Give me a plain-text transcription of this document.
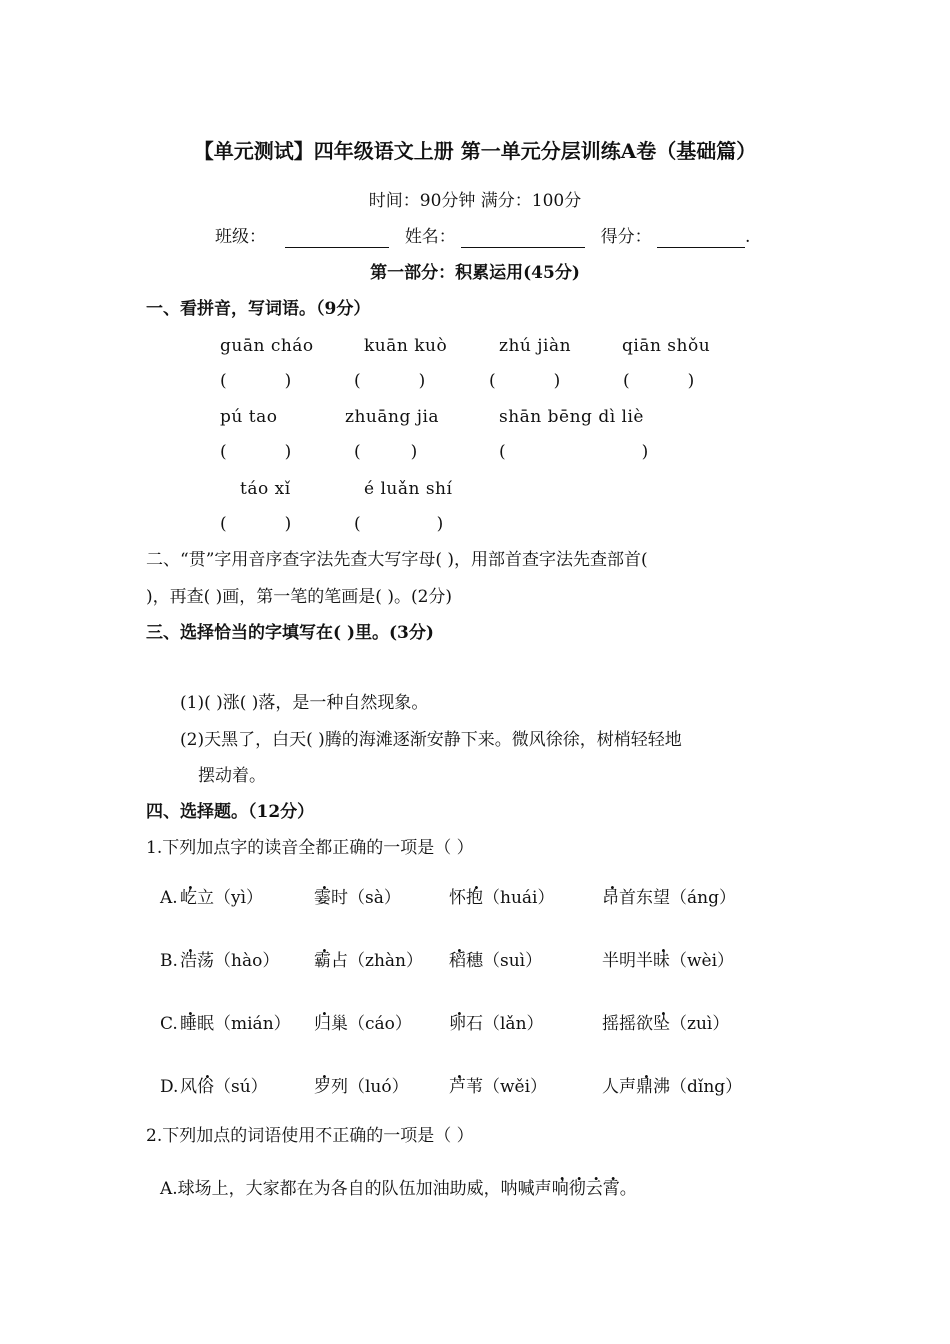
【单元测试】四年级语文上册 第一单元分层训练A卷（基础篇）
时间：90分钟 满分：100分
班级：	姓名：	得分：	.
第一部分：积累运用(45分)
一、看拼音，写词语。（9分）
guān cháo	kuān kuò	zhú jiàn	qiān shǒu
(	)	(	)	(	)	(	)
pú tao	zhuāng jia	shān bēng dì liè
(	)	(	)	(	)
táo xǐ	é luǎn shí
(	)	(	)
二、“贯”字用音序查字法先查大写字母( )，用部首查字法先查部首(
)，再查( )画，第一笔的笔画是( )。(2分)
三、选择恰当的字填写在( )里。(3分)
(1)( )涨( )落，是一种自然现象。
(2)天黑了，白天( )腾的海滩逐渐安静下来。微风徐徐，树梢轻轻地
摆动着。
四、选择题。（12分）
1.下列加点字的读音全都正确的一项是（ ）
A. 屹立（yì）	霎时（sà）	怀抱（huái）	昂首东望（áng）
B. 浩荡（hào） 霸占（zhàn） 稻穗（suì）	半明半昧（wèi）
C. 睡眠（mián） 归巢（cáo） 卵石（lǎn）	摇摇欲坠（zuì）
D. 风俗（sú）	罗列（luó） 芦苇（wěi）	人声鼎沸（dǐng）
2.下列加点的词语使用不正确的一项是（ ）
A.球场上，大家都在为各自的队伍加油助威，呐喊声响彻云霄。
